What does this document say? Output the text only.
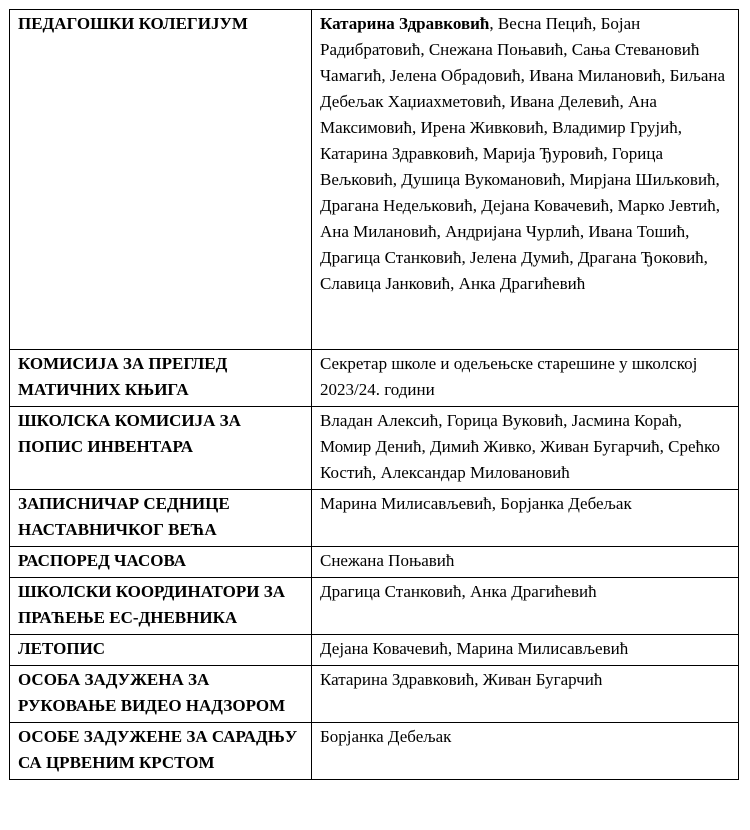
ПЕДАГОШКИ КОЛЕГИЈУМ	Катарина Здравковић, Весна Пецић, Бојан Радибратовић, Снежана Поњавић, Сања Стевановић Чамагић, Јелена Обрадовић, Ивана Милановић, Биљана Дебељак Хаџиахметовић, Ивана Делевић, Ана Максимовић, Ирена Живковић, Владимир Грујић, Катарина Здравковић, Марија Ђуровић, Горица Вељковић, Душица Вукомановић, Мирјана Шиљковић, Драгана Недељковић, Дејана Ковачевић, Марко Јевтић, Ана Милановић, Андријана Чурлић, Ивана Тошић, Драгица Станковић, Јелена Думић, Драгана Ђоковић, Славица Јанковић, Анка Драгићевић
КОМИСИЈА ЗА ПРЕГЛЕД МАТИЧНИХ КЊИГА	Секретар школе и одељењске старешине у школској 2023/24. години
ШКОЛСКА КОМИСИЈА ЗА ПОПИС ИНВЕНТАРА	Владан Алексић, Горица Вуковић, Јасмина Кораћ, Момир Денић, Димић Живко, Живан Бугарчић, Срећко Костић, Александар Миловановић
ЗАПИСНИЧАР СЕДНИЦЕ НАСТАВНИЧКОГ ВЕЋА	Марина Милисављевић, Борјанка Дебељак
РАСПОРЕД ЧАСОВА	Снежана Поњавић
ШКОЛСКИ КООРДИНАТОРИ ЗА ПРАЋЕЊЕ ЕС-ДНЕВНИКА	Драгица Станковић, Анка Драгићевић
ЛЕТОПИС	Дејана Ковачевић, Марина Милисављевић
ОСОБА ЗАДУЖЕНА ЗА РУКОВАЊЕ ВИДЕО НАДЗОРОМ	Катарина Здравковић, Живан Бугарчић
ОСОБЕ ЗАДУЖЕНЕ ЗА САРАДЊУ СА ЦРВЕНИМ КРСТОМ	Борјанка Дебељак
